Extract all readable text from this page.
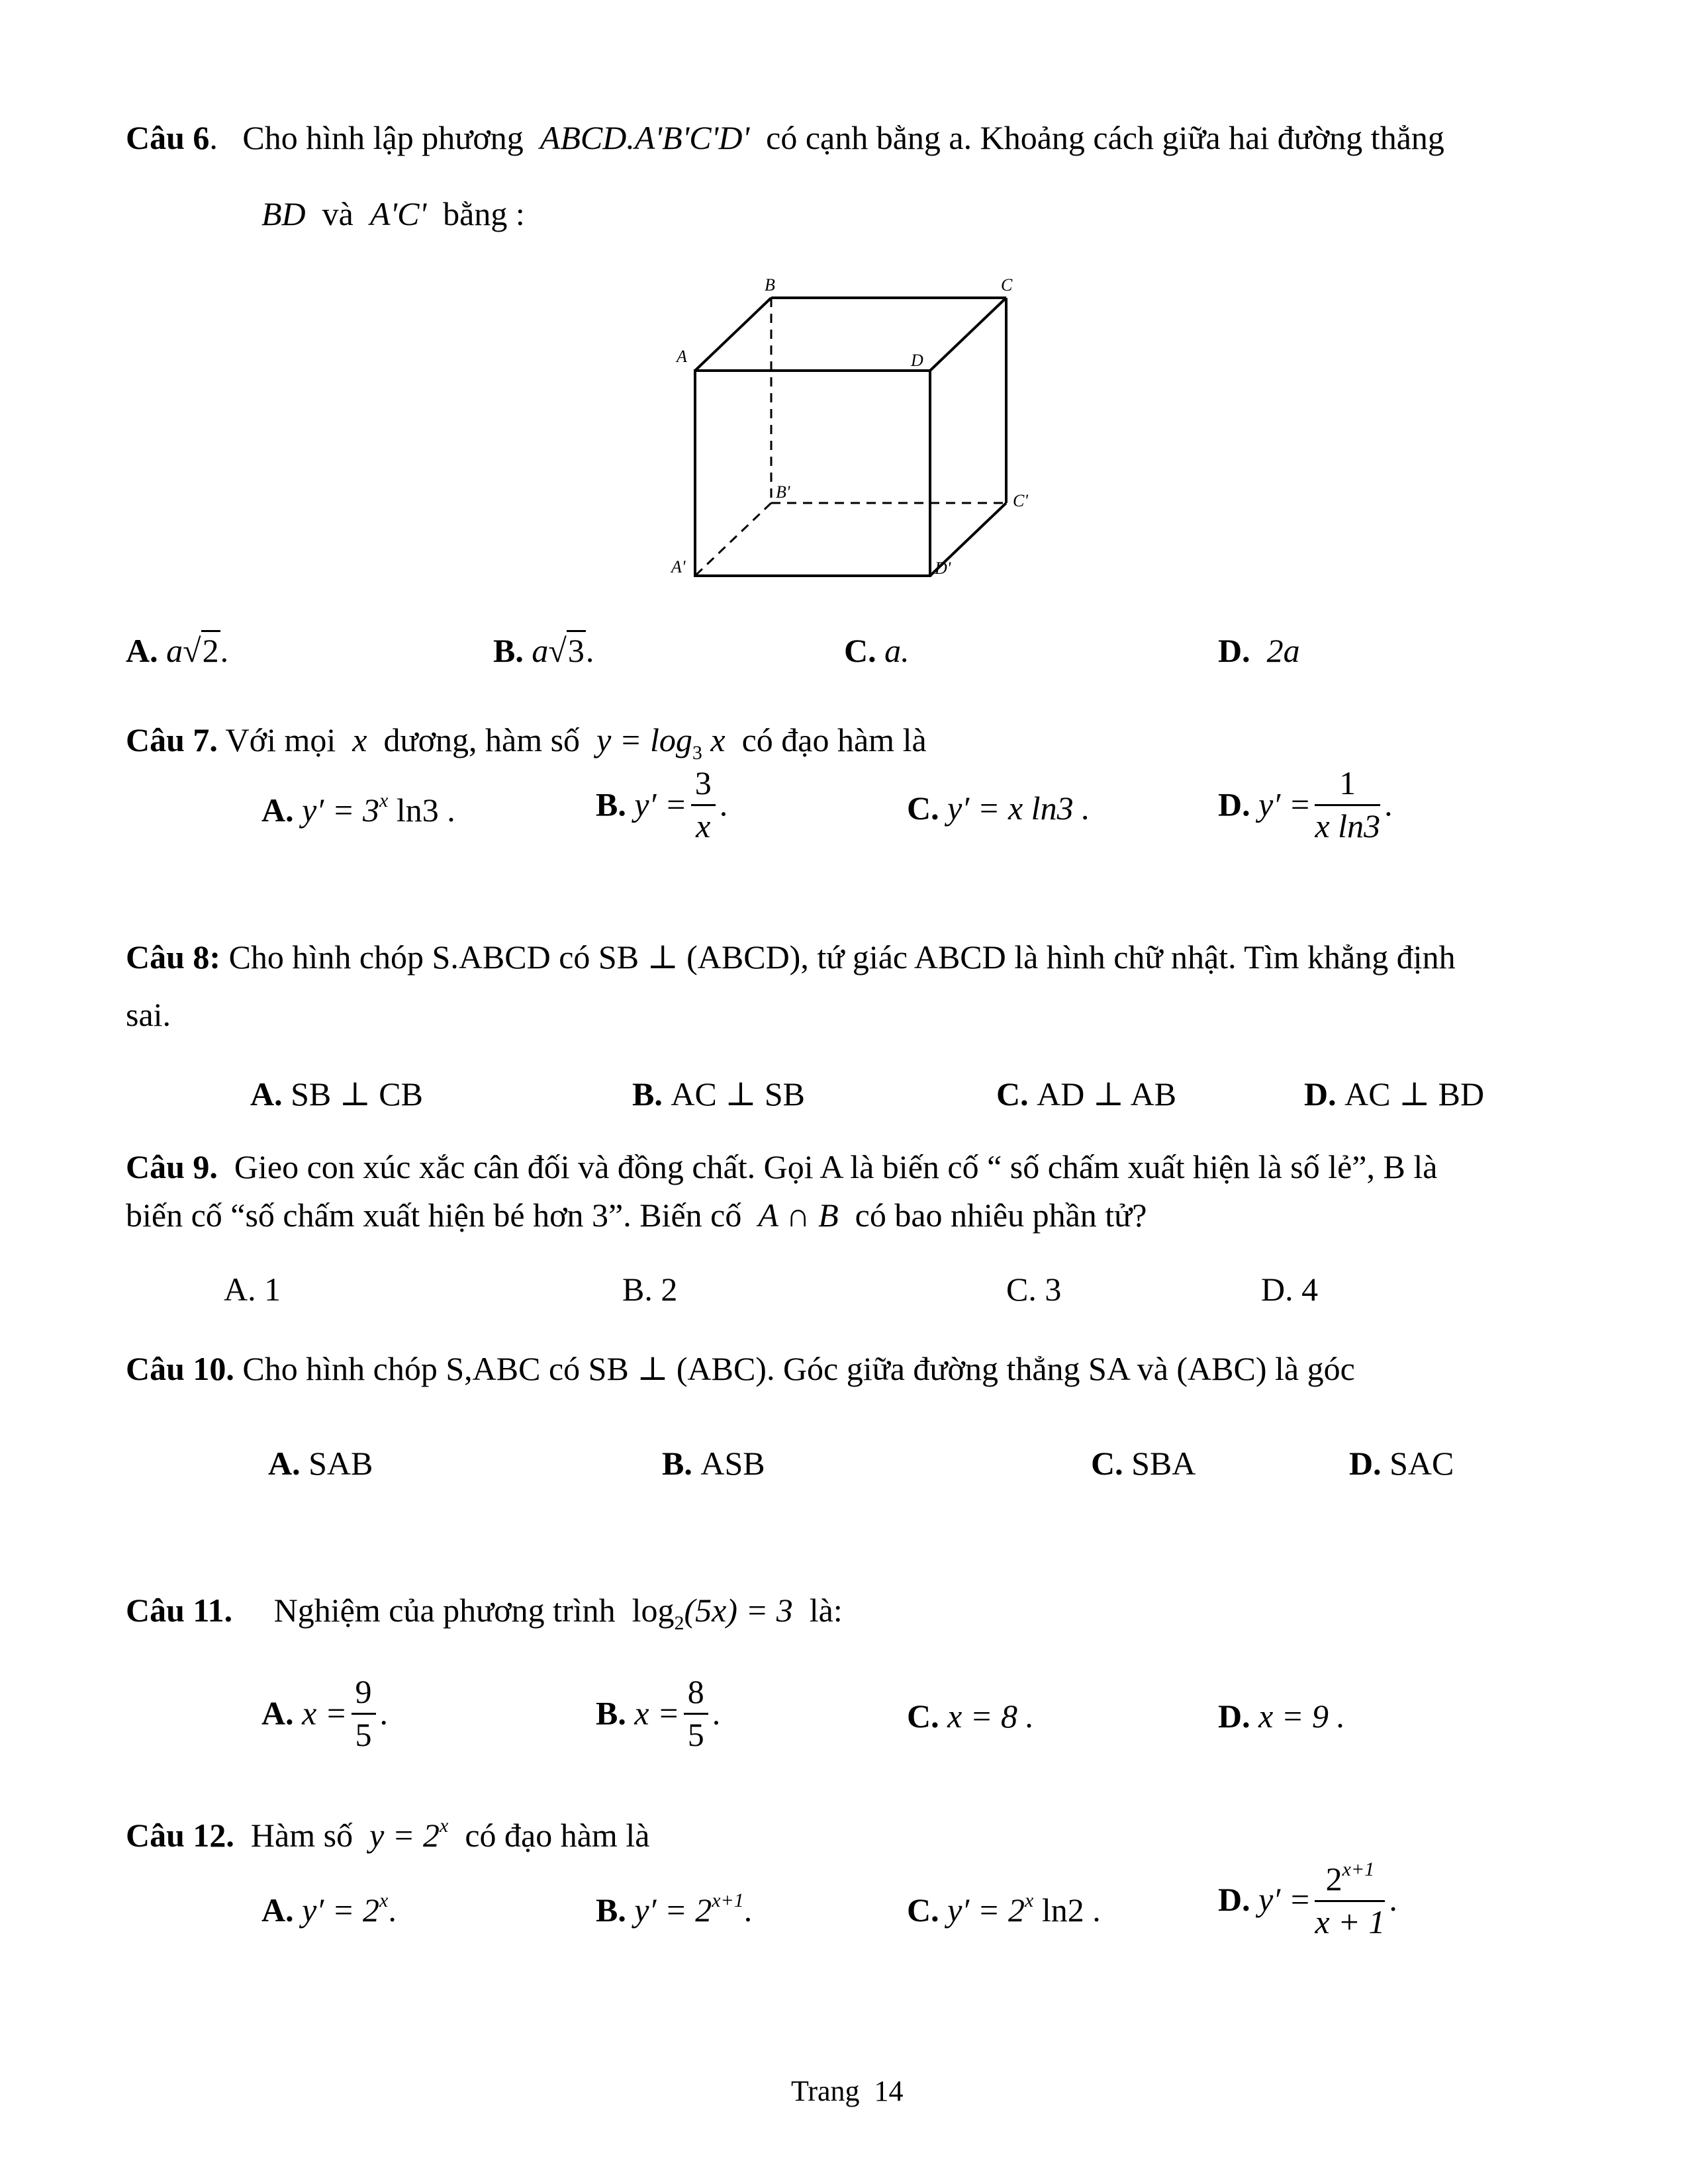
Câu 6.   Cho hình lập phương ABCD.A'B'C'D' có cạnh bằng a. Khoảng cách giữa hai đường thẳng
BD và A'C' bằng :
B	C
A	D
B'	C'
A'	D'
A. a√2.	B. a√3.	C. a.	D. 2a
Câu 7. Với mọi x dương, hàm số $y = \log_3 x$ có đạo hàm là
A. $y' = 3^x$ ln3 .	B. $y' = \frac{3}{x}$ .	C. y′ = x ln3 .	D. $y' = \frac{1}{\text{x ln3}}$ .
Câu 8: Cho hình chóp S.ABCD có SB ⊥ (ABCD), tứ giác ABCD là hình chữ nhật. Tìm khẳng định
sai.
A. SB ⊥ CB	B. AC ⊥ SB	C. AD ⊥ AB	D. AC ⊥ BD
Câu 9. Gieo con xúc xắc cân đối và đồng chất. Gọi A là biến cố “ số chấm xuất hiện là số lẻ”, B là
biến cố “số chấm xuất hiện bé hơn 3”. Biến cố A ∩ B có bao nhiêu phần tử?
A. 1	B. 2	C. 3	D. 4
Câu 10. Cho hình chóp S,ABC có SB ⊥ (ABC). Góc giữa đường thẳng SA và (ABC) là góc
A. SAB	B. ASB	C. SBA	D. SAC
Câu 11. Nghiệm của phương trình $\log_2(5x) = 3$ là:
A. $x = \frac{9}{5}$ .	B. $x = \frac{8}{5}$ .	C. x = 8 .	D. x = 9 .
Câu 12. Hàm số $y = 2^x$ có đạo hàm là
A. $y' = 2^x$.	B. $y' = 2^{x+1}$.	C. $y' = 2^x$ ln2 .	D. $y' = \frac{2^{x+1}}{x + 1}$ .
Trang  14
